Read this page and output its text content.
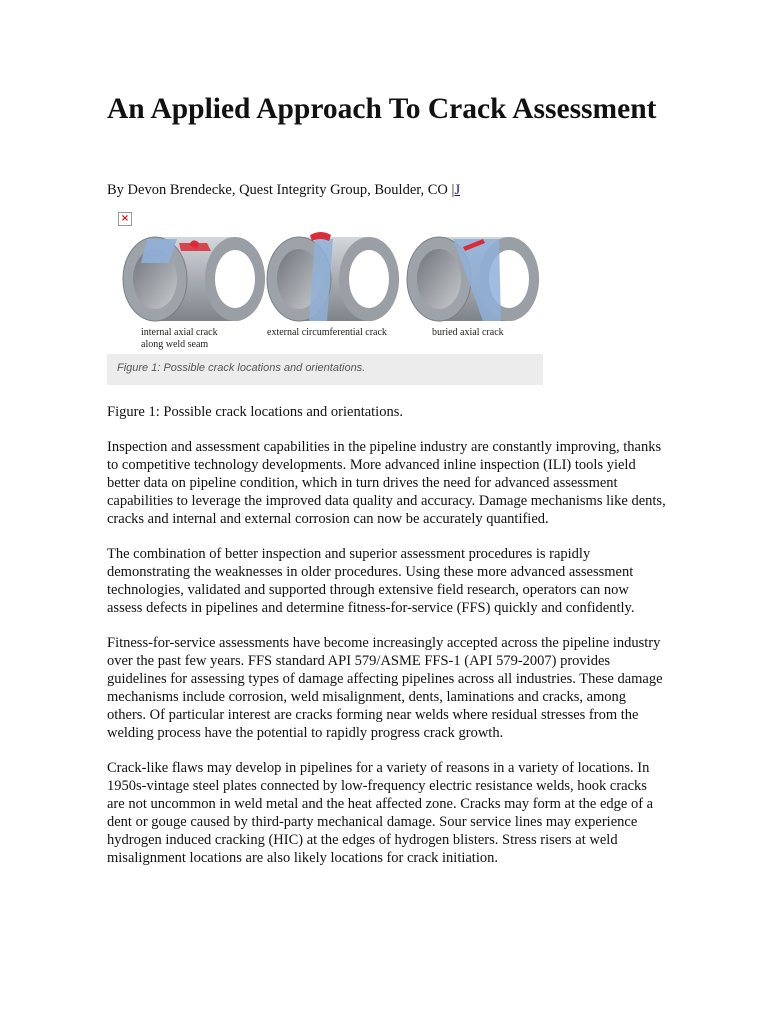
An Applied Approach To Crack Assessment

By Devon Brendecke, Quest Integrity Group, Boulder, CO |J

×
internal axial crack along weld seam
external circumferential crack	buried axial crack
Figure 1: Possible crack locations and orientations.

Figure 1: Possible crack locations and orientations.

Inspection and assessment capabilities in the pipeline industry are constantly improving, thanks to competitive technology developments. More advanced inline inspection (ILI) tools yield better data on pipeline condition, which in turn drives the need for advanced assessment capabilities to leverage the improved data quality and accuracy. Damage mechanisms like dents, cracks and internal and external corrosion can now be accurately quantified.

The combination of better inspection and superior assessment procedures is rapidly demonstrating the weaknesses in older procedures. Using these more advanced assessment technologies, validated and supported through extensive field research, operators can now assess defects in pipelines and determine fitness-for-service (FFS) quickly and confidently.

Fitness-for-service assessments have become increasingly accepted across the pipeline industry over the past few years. FFS standard API 579/ASME FFS-1 (API 579-2007) provides guidelines for assessing types of damage affecting pipelines across all industries. These damage mechanisms include corrosion, weld misalignment, dents, laminations and cracks, among others. Of particular interest are cracks forming near welds where residual stresses from the welding process have the potential to rapidly progress crack growth.

Crack-like flaws may develop in pipelines for a variety of reasons in a variety of locations. In 1950s-vintage steel plates connected by low-frequency electric resistance welds, hook cracks are not uncommon in weld metal and the heat affected zone. Cracks may form at the edge of a dent or gouge caused by third-party mechanical damage. Sour service lines may experience hydrogen induced cracking (HIC) at the edges of hydrogen blisters. Stress risers at weld misalignment locations are also likely locations for crack initiation.
